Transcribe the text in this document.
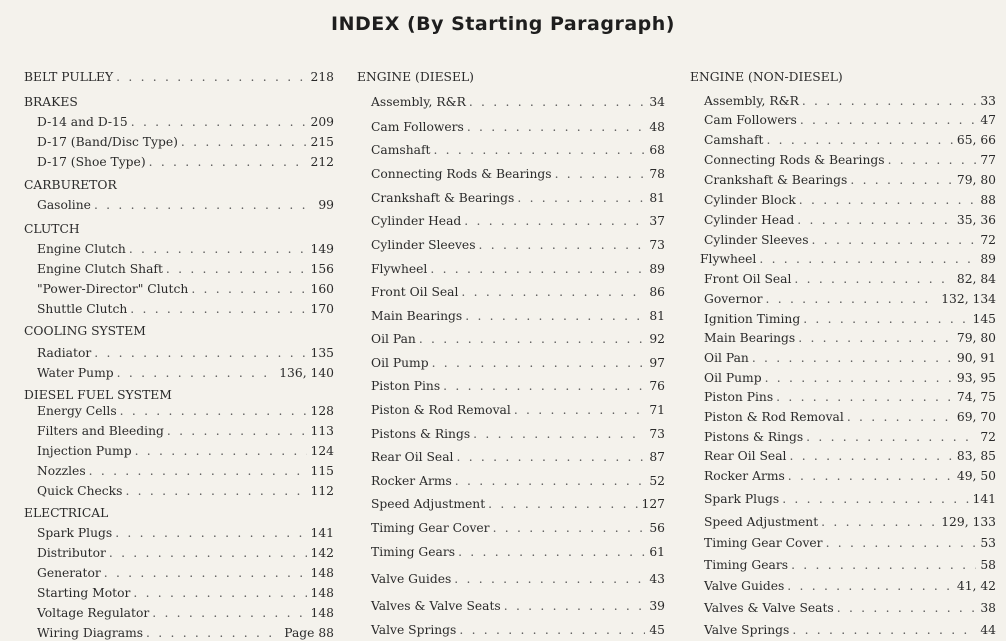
INDEX (By Starting Paragraph)
BELT PULLEY . . .	218
BRAKES
D-14 and D-15 . . .	209
D-17 (Band/Disc Type) . . .	215
D-17 (Shoe Type) . . .	212
CARBURETOR
Gasoline . . .	99
CLUTCH
Engine Clutch . . .	149
Engine Clutch Shaft . . .	156
"Power-Director" Clutch . . .	160
Shuttle Clutch . . .	170
COOLING SYSTEM
Radiator . . .	135
Water Pump . . .	136, 140
DIESEL FUEL SYSTEM
Energy Cells . . .	128
Filters and Bleeding . . .	113
Injection Pump . . .	124
Nozzles . . .	115
Quick Checks . . .	112
ELECTRICAL
Spark Plugs . . .	141
Distributor . . .	142
Generator . . .	148
Starting Motor . . .	148
Voltage Regulator . . .	148
Wiring Diagrams . . .	Page 88
ENGINE (DIESEL)
Assembly, R&R . . .	34
Cam Followers . . .	48
Camshaft . . .	68
Connecting Rods & Bearings . . .	78
Crankshaft & Bearings . . .	81
Cylinder Head . . .	37
Cylinder Sleeves . . .	73
Flywheel . . .	89
Front Oil Seal . . .	86
Main Bearings . . .	81
Oil Pan . . .	92
Oil Pump . . .	97
Piston Pins . . .	76
Piston & Rod Removal . . .	71
Pistons & Rings . . .	73
Rear Oil Seal . . .	87
Rocker Arms . . .	52
Speed Adjustment . . .	127
Timing Gear Cover . . .	56
Timing Gears . . .	61
Valve Guides . . .	43
Valves & Valve Seats . . .	39
Valve Springs . . .	45
ENGINE (NON-DIESEL)
Assembly, R&R . . .	33
Cam Followers . . .	47
Camshaft . . .	65, 66
Connecting Rods & Bearings . . .	77
Crankshaft & Bearings . . .	79, 80
Cylinder Block . . .	88
Cylinder Head . . .	35, 36
Cylinder Sleeves . . .	72
Flywheel . . .	89
Front Oil Seal . . .	82, 84
Governor . . .	132, 134
Ignition Timing . . .	145
Main Bearings . . .	79, 80
Oil Pan . . .	90, 91
Oil Pump . . .	93, 95
Piston Pins . . .	74, 75
Piston & Rod Removal . . .	69, 70
Pistons & Rings . . .	72
Rear Oil Seal . . .	83, 85
Rocker Arms . . .	49, 50
Spark Plugs . . .	141
Speed Adjustment . . .	129, 133
Timing Gear Cover . . .	53
Timing Gears . . .	58
Valve Guides . . .	41, 42
Valves & Valve Seats . . .	38
Valve Springs . . .	44
